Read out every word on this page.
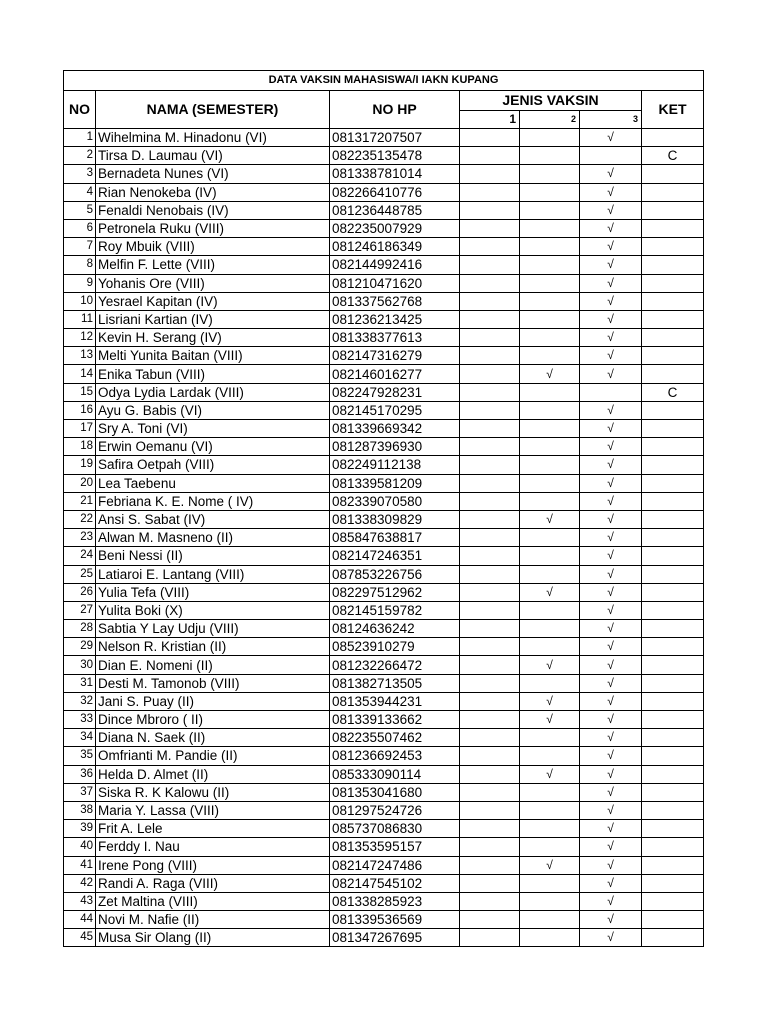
DATA VAKSIN MAHASISWA/I IAKN KUPANG						
NO	NAMA (SEMESTER)	NO HP	JENIS VAKSIN			KET
			1	2	3	
1	Wihelmina M. Hinadonu (VI)	081317207507			√	
2	Tirsa D. Laumau (VI)	082235135478				C
3	Bernadeta Nunes (VI)	081338781014			√	
4	Rian Nenokeba (IV)	082266410776			√	
5	Fenaldi Nenobais (IV)	081236448785			√	
6	Petronela Ruku (VIII)	082235007929			√	
7	Roy Mbuik (VIII)	081246186349			√	
8	Melfin F. Lette (VIII)	082144992416			√	
9	Yohanis Ore (VIII)	081210471620			√	
10	Yesrael Kapitan (IV)	081337562768			√	
11	Lisriani Kartian (IV)	081236213425			√	
12	Kevin H. Serang (IV)	081338377613			√	
13	Melti Yunita Baitan (VIII)	082147316279			√	
14	Enika Tabun (VIII)	082146016277		√	√	
15	Odya Lydia Lardak (VIII)	082247928231				C
16	Ayu G. Babis (VI)	082145170295			√	
17	Sry A. Toni (VI)	081339669342			√	
18	Erwin Oemanu (VI)	081287396930			√	
19	Safira Oetpah (VIII)	082249112138			√	
20	Lea Taebenu	081339581209			√	
21	Febriana K. E. Nome ( IV)	082339070580			√	
22	Ansi S. Sabat (IV)	081338309829		√	√	
23	Alwan M. Masneno (II)	085847638817			√	
24	Beni Nessi (II)	082147246351			√	
25	Latiaroi E. Lantang (VIII)	087853226756			√	
26	Yulia Tefa (VIII)	082297512962		√	√	
27	Yulita Boki (X)	082145159782			√	
28	Sabtia Y Lay Udju (VIII)	08124636242			√	
29	Nelson R. Kristian (II)	08523910279			√	
30	Dian E. Nomeni (II)	081232266472		√	√	
31	Desti M. Tamonob (VIII)	081382713505			√	
32	Jani S. Puay (II)	081353944231		√	√	
33	Dince Mbroro ( II)	081339133662		√	√	
34	Diana N. Saek (II)	082235507462			√	
35	Omfrianti M. Pandie (II)	081236692453			√	
36	Helda D. Almet (II)	085333090114		√	√	
37	Siska R. K Kalowu (II)	081353041680			√	
38	Maria Y. Lassa (VIII)	081297524726			√	
39	Frit A. Lele	085737086830			√	
40	Ferddy I. Nau	081353595157			√	
41	Irene Pong (VIII)	082147247486		√	√	
42	Randi A. Raga (VIII)	082147545102			√	
43	Zet Maltina (VIII)	081338285923			√	
44	Novi M. Nafie (II)	081339536569			√	
45	Musa Sir Olang (II)	081347267695			√	
